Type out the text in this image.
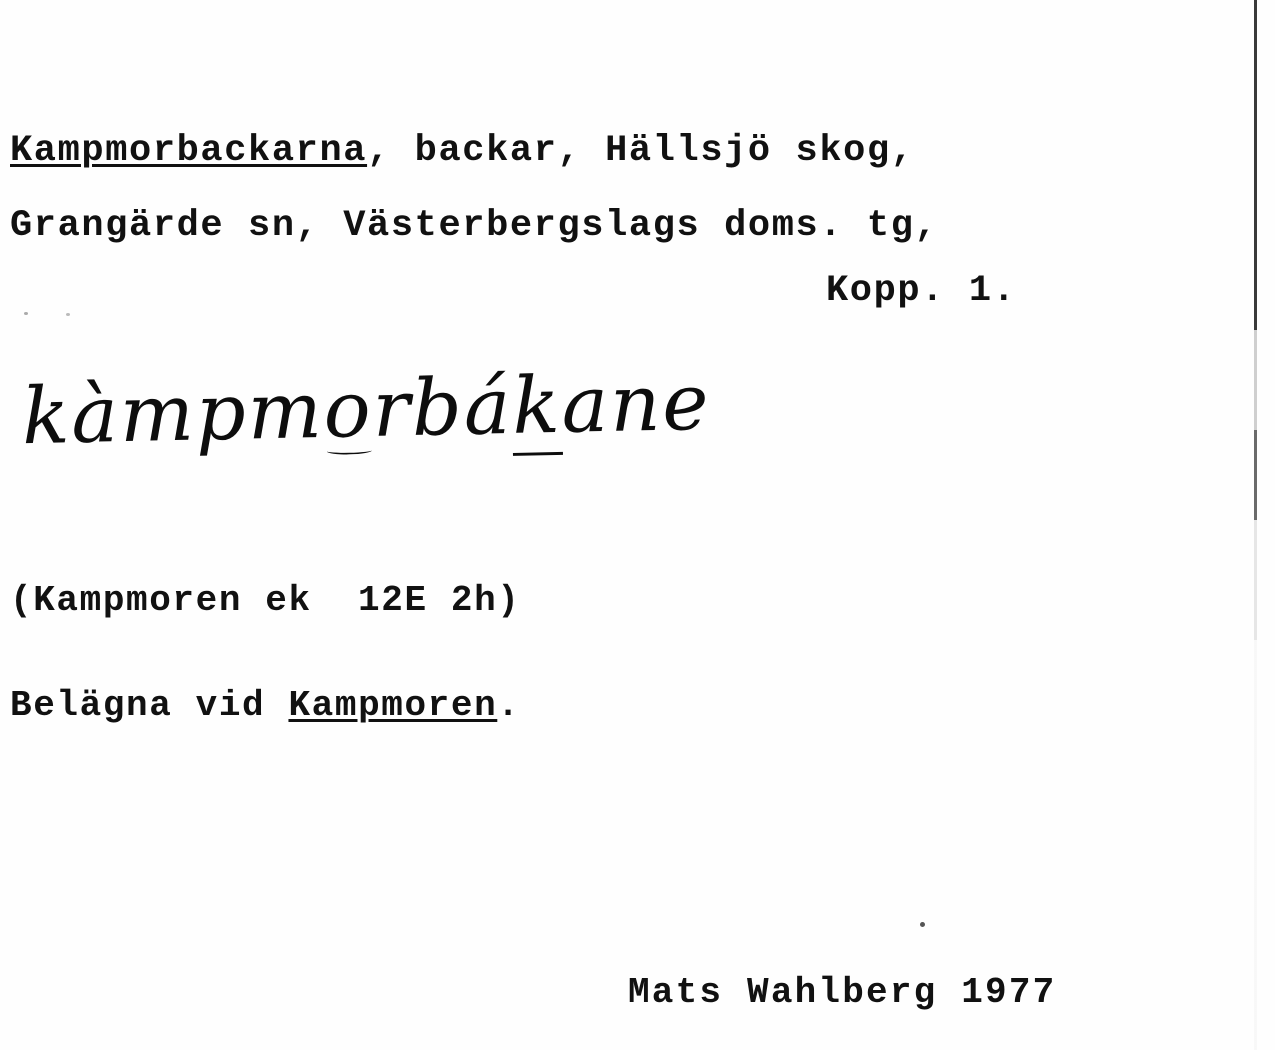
Kampmorbackarna, backar, Hällsjö skog,
Grangärde sn, Västerbergslags doms. tg,
Kopp. 1.
kàmpmorbákane
(Kampmoren ek  12E 2h)
Belägna vid Kampmoren.
Mats Wahlberg 1977
